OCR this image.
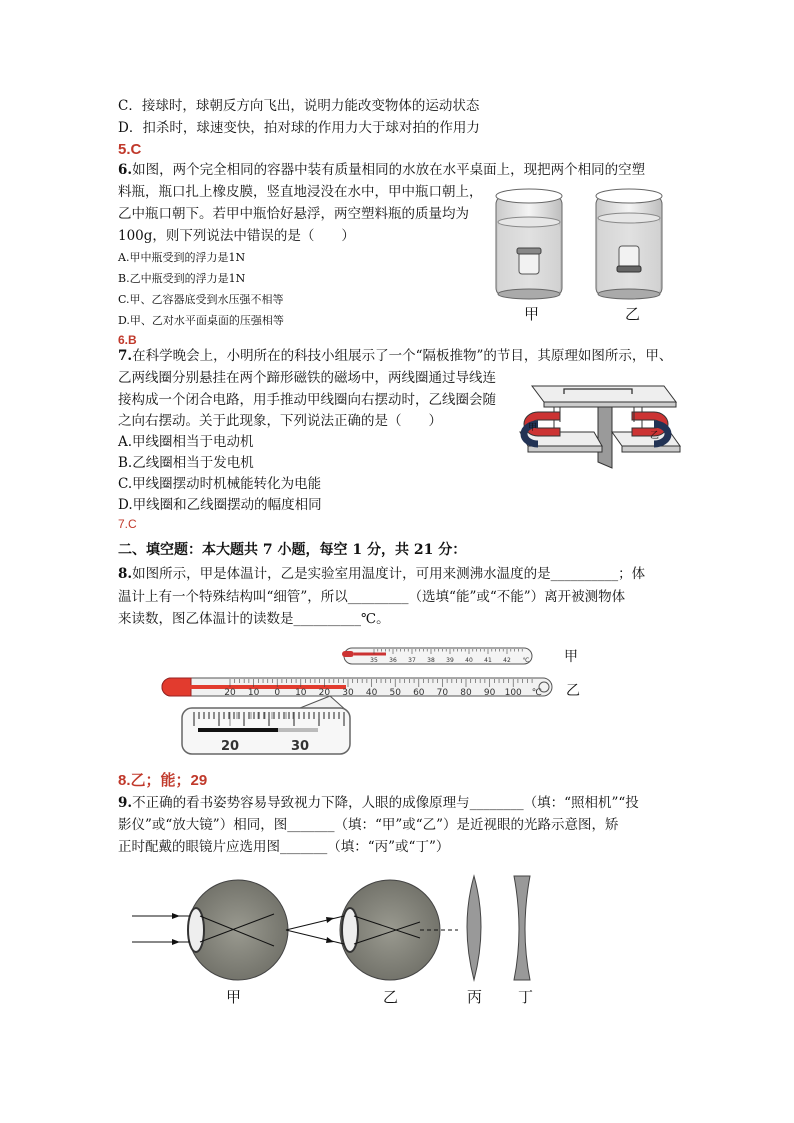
C．接球时，球朝反方向飞出，说明力能改变物体的运动状态
D．扣杀时，球速变快，拍对球的作用力大于球对拍的作用力
5.C
6.如图，两个完全相同的容器中装有质量相同的水放在水平桌面上，现把两个相同的空塑
料瓶，瓶口扎上橡皮膜，竖直地浸没在水中，甲中瓶口朝上，
乙中瓶口朝下。若甲中瓶恰好悬浮，两空塑料瓶的质量均为
100g，则下列说法中错误的是（　　）
A.甲中瓶受到的浮力是1N
B.乙中瓶受到的浮力是1N
C.甲、乙容器底受到水压强不相等
D.甲、乙对水平面桌面的压强相等
6.B
甲	乙
7.在科学晚会上，小明所在的科技小组展示了一个“隔板推物”的节目，其原理如图所示，甲、
乙两线圈分别悬挂在两个蹄形磁铁的磁场中，两线圈通过导线连
接构成一个闭合电路，用手推动甲线圈向右摆动时，乙线圈会随
之向右摆动。关于此现象，下列说法正确的是（　　）
A.甲线圈相当于电动机
B.乙线圈相当于发电机
C.甲线圈摆动时机械能转化为电能
D.甲线圈和乙线圈摆动的幅度相同
7.C
甲
乙
二、填空题：本大题共 7 小题，每空 1 分，共 21 分：
8.如图所示，甲是体温计，乙是实验室用温度计，可用来测沸水温度的是__________；体
温计上有一个特殊结构叫“细管”，所以_________（选填“能”或“不能”）离开被测物体
来读数，图乙体温计的读数是__________℃。
35 36 37 38 39 40 41 42 ℃
20 10 0 10 20 30 40 50 60 70 80 90 100 ℃
20	30
甲
乙
8.乙；能；29
9.不正确的看书姿势容易导致视力下降，人眼的成像原理与________（填：“照相机”“投
影仪”或“放大镜”）相同，图_______（填：“甲”或“乙”）是近视眼的光路示意图，矫
正时配戴的眼镜片应选用图_______（填：“丙”或“丁”）
甲	乙	丙 丁
